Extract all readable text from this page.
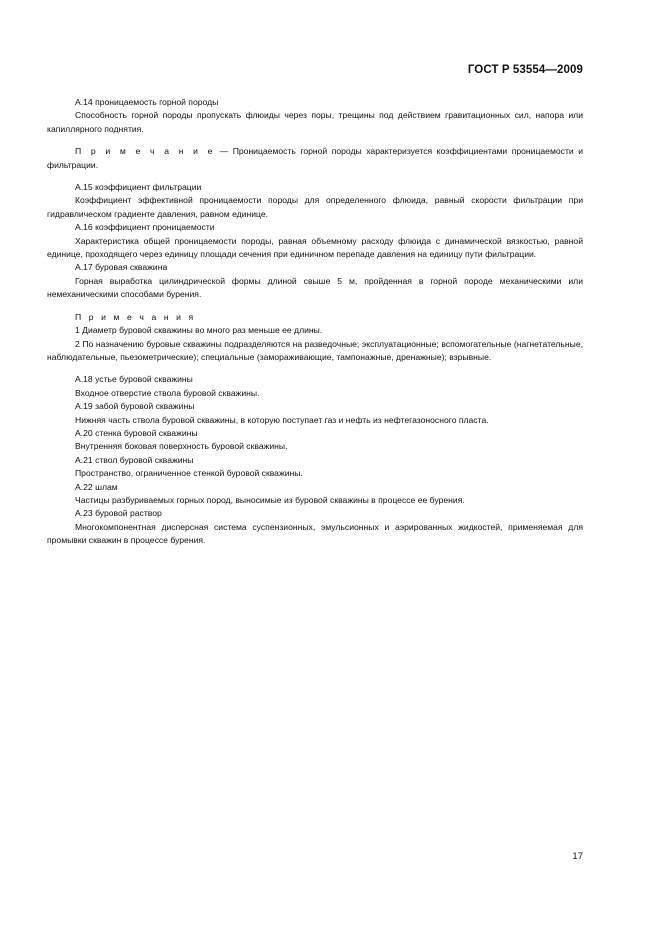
ГОСТ Р 53554—2009

А.14 проницаемость горной породы

Способность горной породы пропускать флюиды через поры, трещины под действием гравитационных сил, напора или капиллярного поднятия.

П р и м е ч а н и е — Проницаемость горной породы характеризуется коэффициентами проницаемости и фильтрации.

А.15 коэффициент фильтрации

Коэффициент эффективной проницаемости породы для определенного флюида, равный скорости фильтрации при гидравлическом градиенте давления, равном единице.

А.16 коэффициент проницаемости

Характеристика общей проницаемости породы, равная объемному расходу флюида с динамической вязкостью, равной единице, проходящего через единицу площади сечения при единичном перепаде давления на единицу пути фильтрации.

А.17 буровая скважина

Горная выработка цилиндрической формы длиной свыше 5 м, пройденная в горной породе механическими или немеханическими способами бурения.

П р и м е ч а н и я

1 Диаметр буровой скважины во много раз меньше ее длины.

2 По назначению буровые скважины подразделяются на разведочные; эксплуатационные; вспомогательные (нагнетательные, наблюдательные, пьезометрические); специальные (замораживающие, тампонажные, дренажные); взрывные.

А.18 устье буровой скважины

Входное отверстие ствола буровой скважины.

А.19 забой буровой скважины

Нижняя часть ствола буровой скважины, в которую поступает газ и нефть из нефтегазоносного пласта.

А.20 стенка буровой скважины

Внутренняя боковая поверхность буровой скважины.

А.21 ствол буровой скважины

Пространство, ограниченное стенкой буровой скважины.

А.22 шлам

Частицы разбуриваемых горных пород, выносимые из буровой скважины в процессе ее бурения.

А.23 буровой раствор

Многокомпонентная дисперсная система суспензионных, эмульсионных и аэрированных жидкостей, применяемая для промывки скважин в процессе бурения.

17
